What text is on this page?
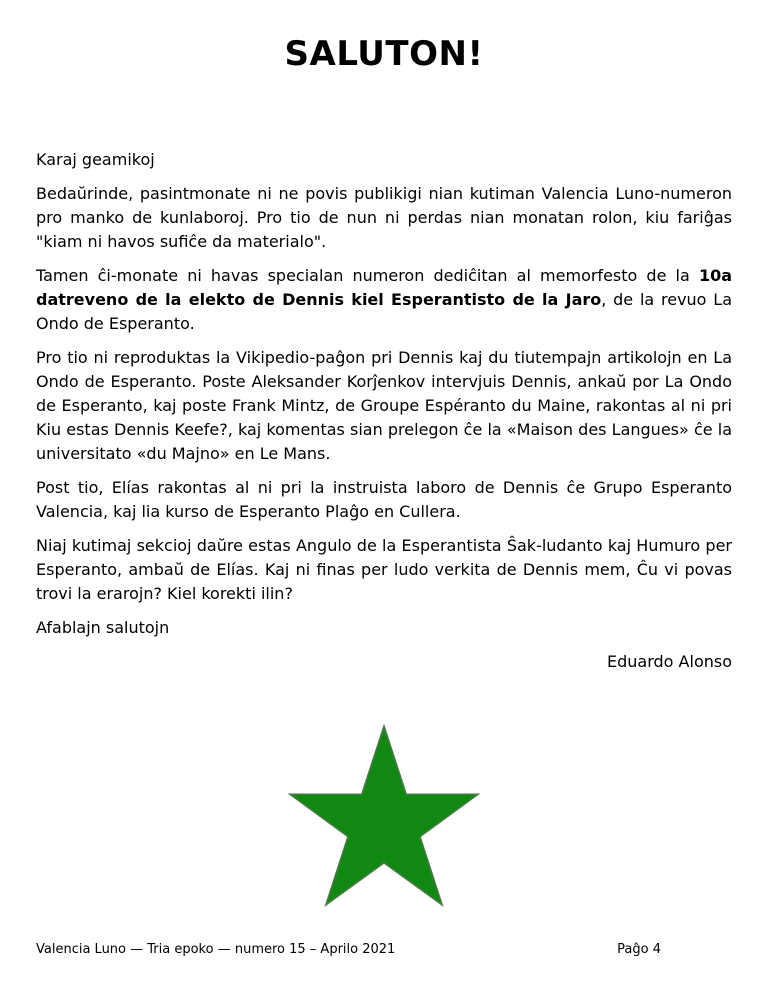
SALUTON!

Karaj geamikoj

Bedaŭrinde, pasintmonate ni ne povis publikigi nian kutiman Valencia Luno-numeron pro manko de kunlaboroj. Pro tio de nun ni perdas nian monatan rolon, kiu fariĝas "kiam ni havos sufiĉe da materialo".

Tamen ĉi-monate ni havas specialan numeron dediĉitan al memorfesto de la 10a datreveno de la elekto de Dennis kiel Esperantisto de la Jaro, de la revuo La Ondo de Esperanto.

Pro tio ni reproduktas la Vikipedio-paĝon pri Dennis kaj du tiutempajn artikolojn en La Ondo de Esperanto. Poste Aleksander Korĵenkov intervjuis Dennis, ankaŭ por La Ondo de Esperanto, kaj poste Frank Mintz, de Groupe Espéranto du Maine, rakontas al ni pri Kiu estas Dennis Keefe?, kaj komentas sian prelegon ĉe la «Maison des Langues» ĉe la universitato «du Majno» en Le Mans.

Post tio, Elías rakontas al ni pri la instruista laboro de Dennis ĉe Grupo Esperanto Valencia, kaj lia kurso de Esperanto Plaĝo en Cullera.

Niaj kutimaj sekcioj daŭre estas Angulo de la Esperantista Ŝak-ludanto kaj Humuro per Esperanto, ambaŭ de Elías. Kaj ni finas per ludo verkita de Dennis mem, Ĉu vi povas trovi la erarojn? Kiel korekti ilin?

Afablajn salutojn

Eduardo Alonso

Valencia Luno — Tria epoko — numero 15 – Aprilo 2021	Paĝo 4
